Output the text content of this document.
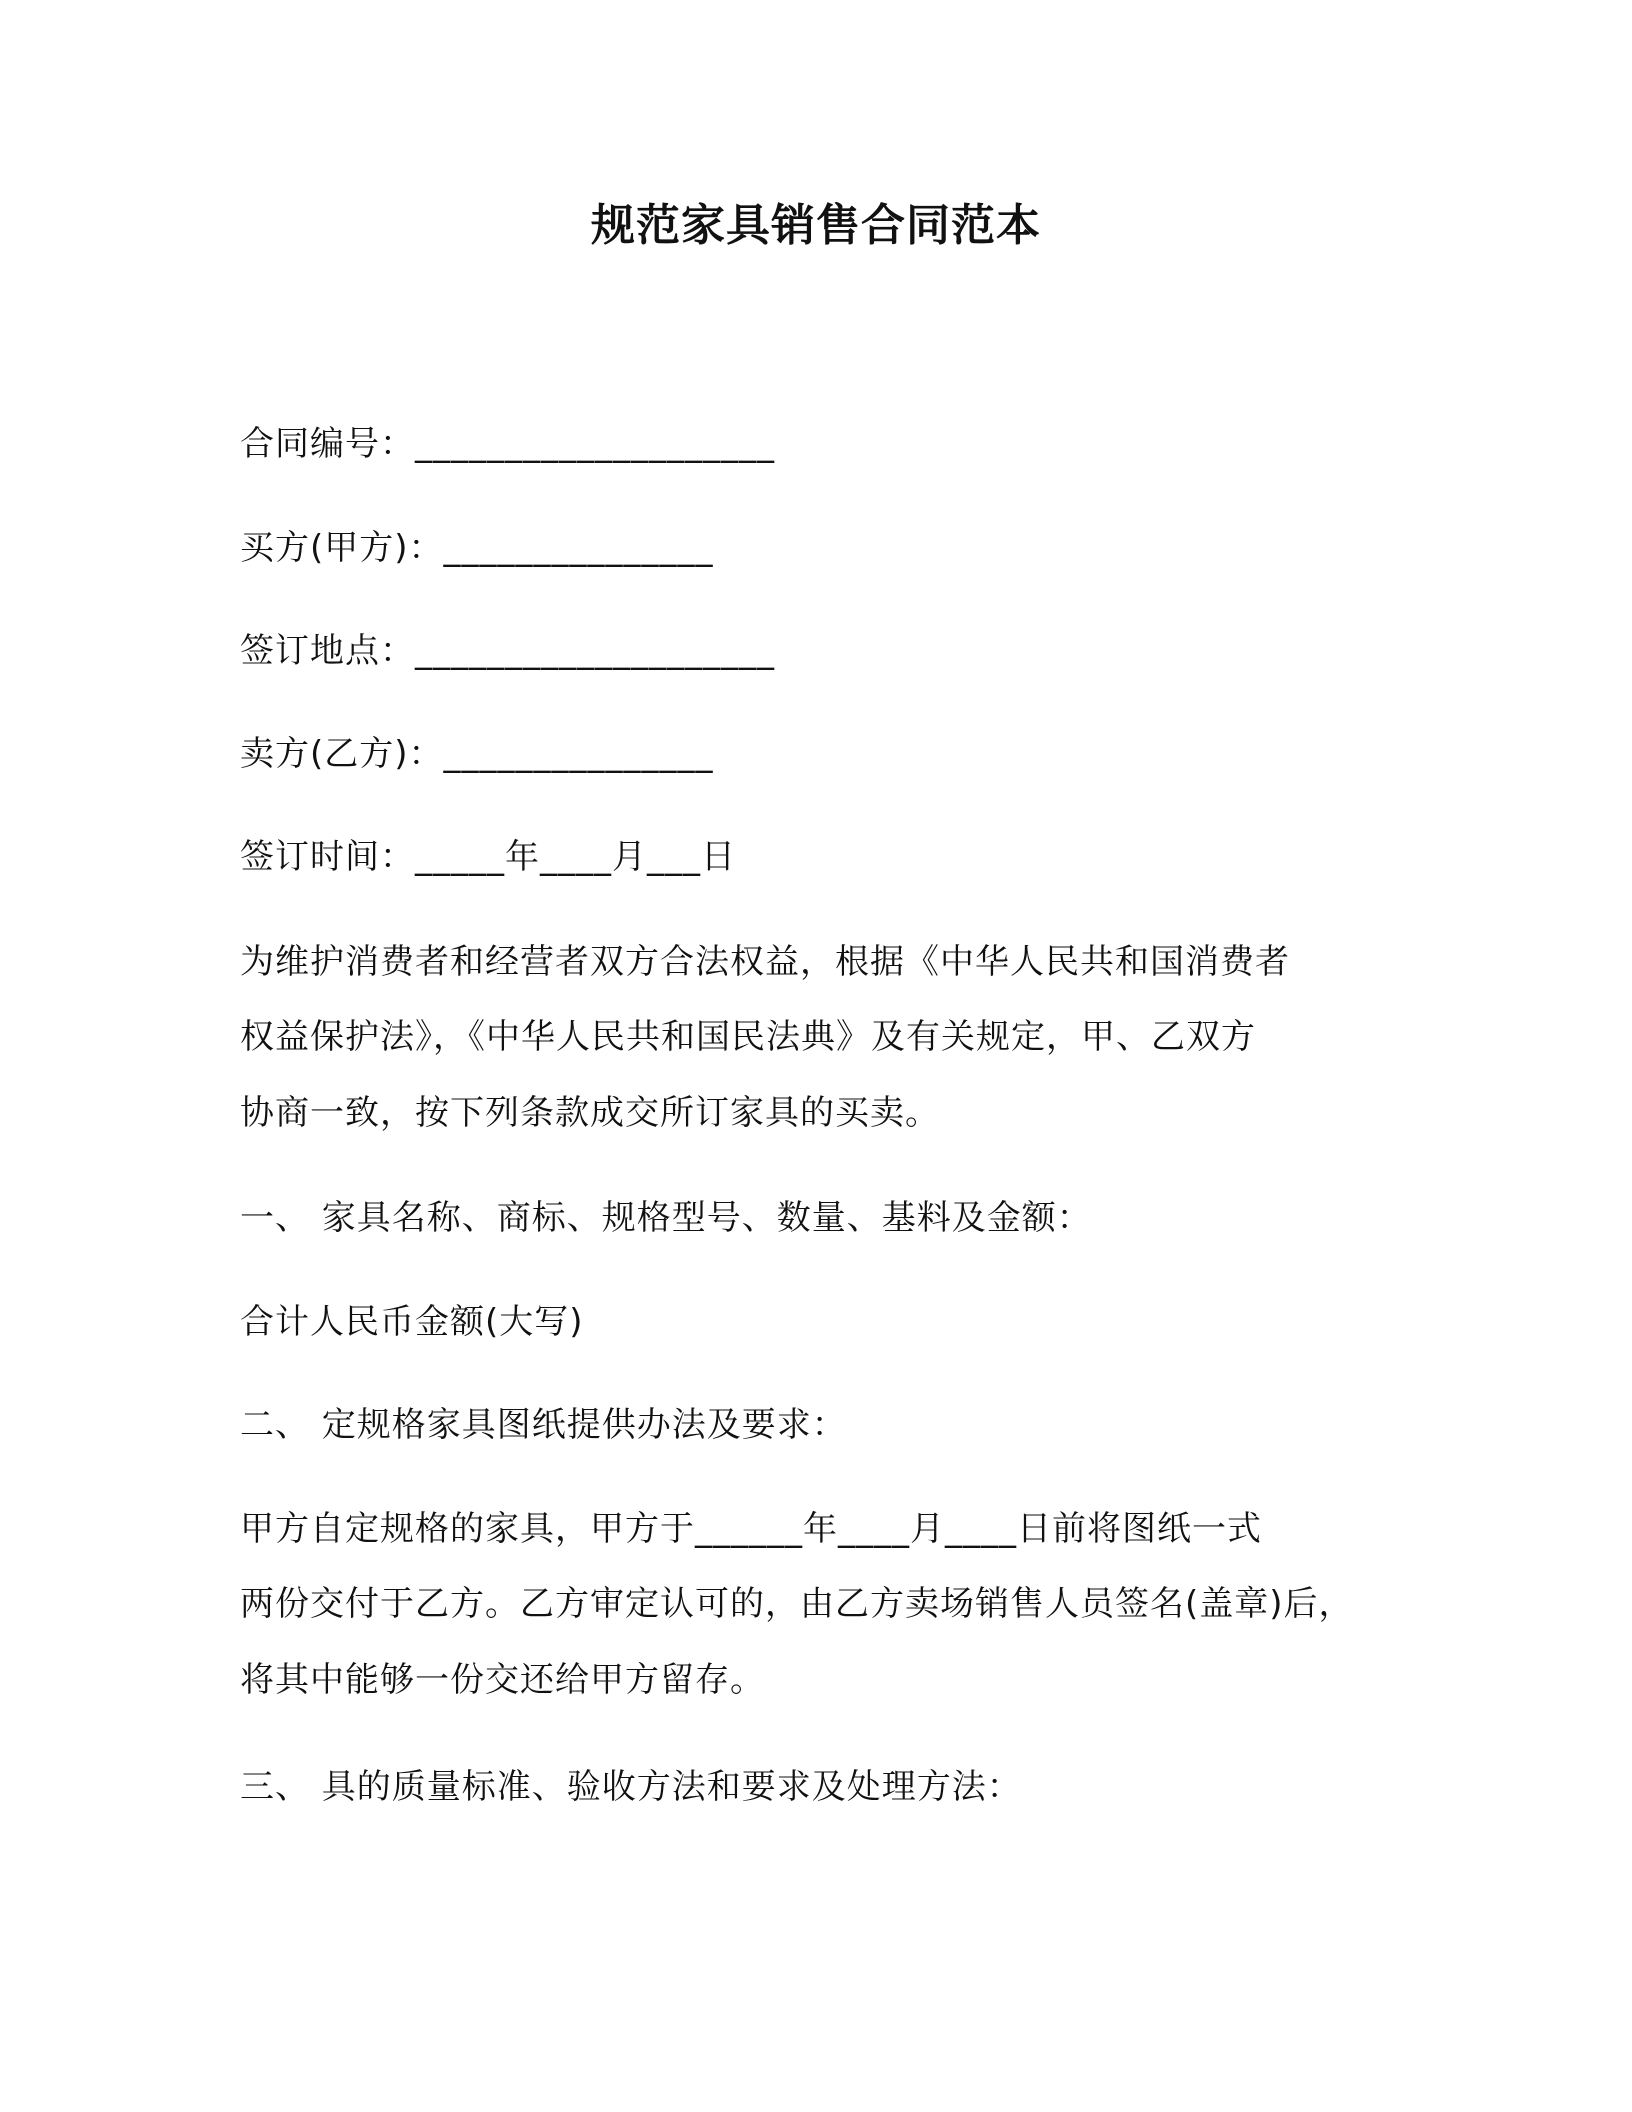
规范家具销售合同范本
合同编号：____________________
买方(甲方)：_______________
签订地点：____________________
卖方(乙方)：_______________
签订时间：_____年____月___日
为维护消费者和经营者双方合法权益，根据《中华人民共和国消费者
权益保护法》，《中华人民共和国民法典》及有关规定，甲、乙双方
协商一致，按下列条款成交所订家具的买卖。
一、 家具名称、商标、规格型号、数量、基料及金额：
合计人民币金额(大写)
二、 定规格家具图纸提供办法及要求：
甲方自定规格的家具，甲方于______年____月____日前将图纸一式
两份交付于乙方。乙方审定认可的，由乙方卖场销售人员签名(盖章)后，
将其中能够一份交还给甲方留存。
三、 具的质量标准、验收方法和要求及处理方法：
